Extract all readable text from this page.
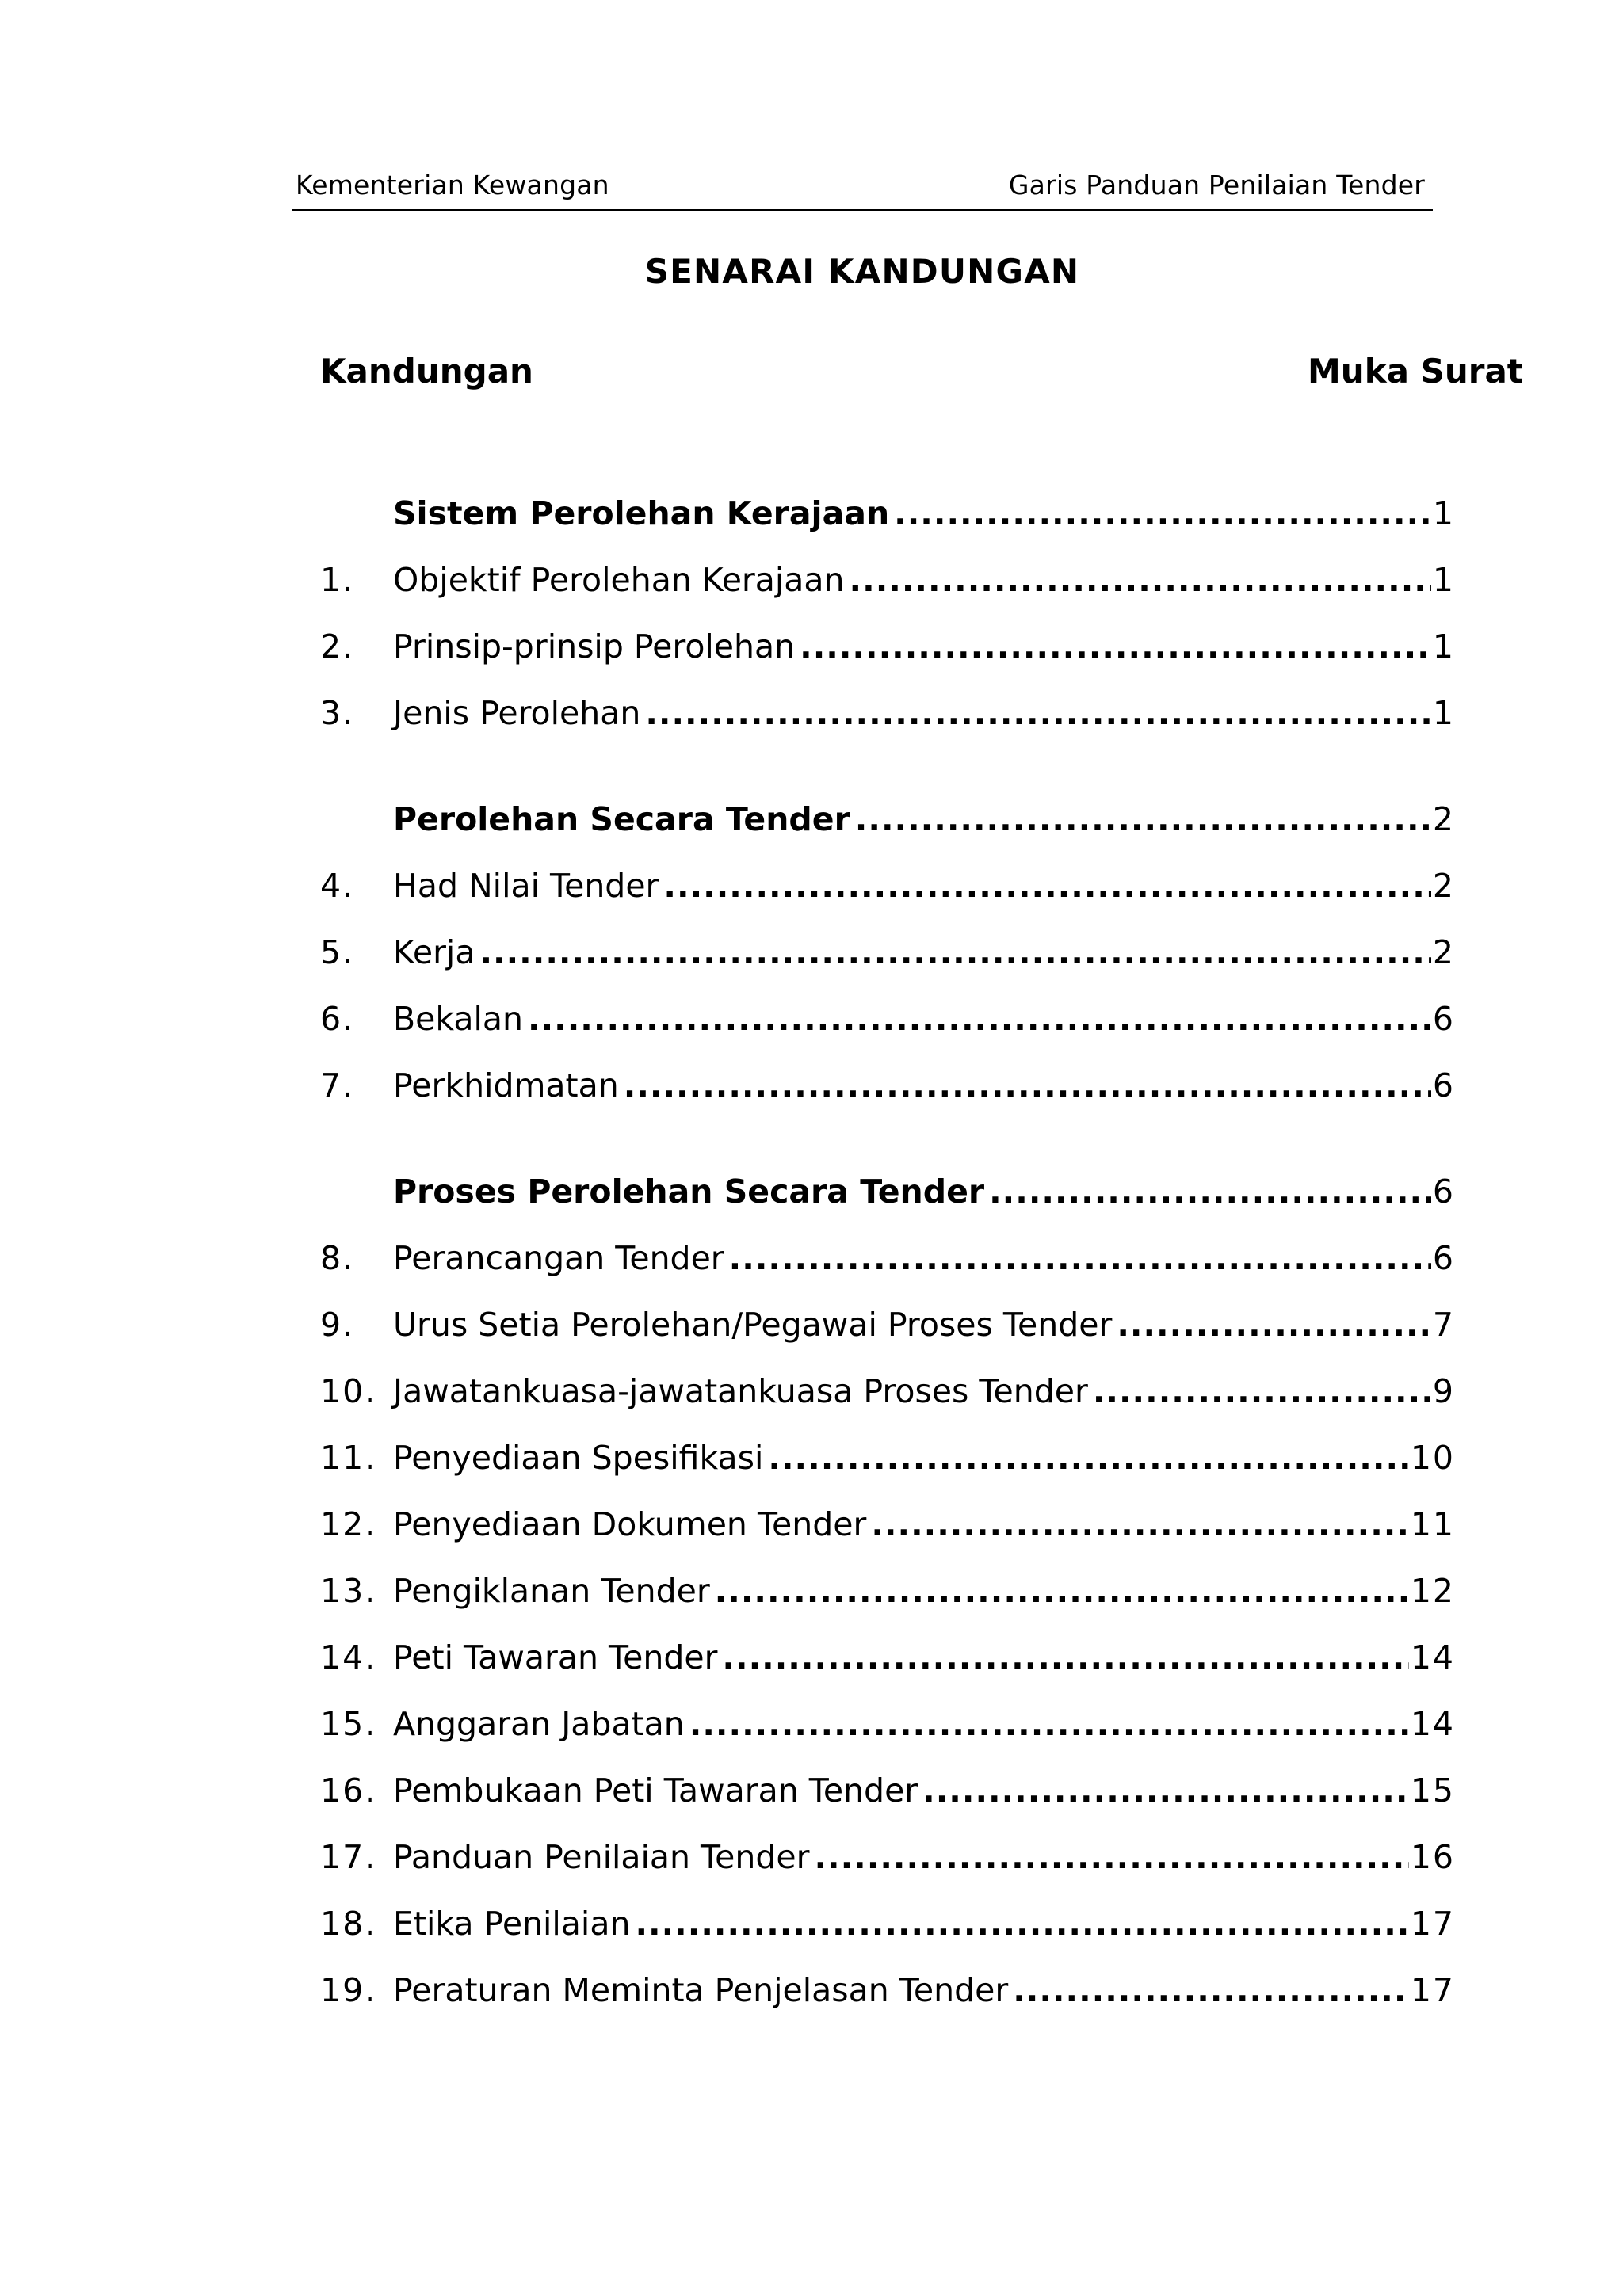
Kementerian Kewangan	Garis Panduan Penilaian Tender
SENARAI KANDUNGAN
Kandungan	Muka Surat
Sistem Perolehan Kerajaan .....	1
1.	Objektif Perolehan Kerajaan .....	1
2.	Prinsip-prinsip Perolehan .....	1
3.	Jenis Perolehan .....	1
Perolehan Secara Tender .....	2
4.	Had Nilai Tender .....	2
5.	Kerja .....	2
6.	Bekalan .....	6
7.	Perkhidmatan .....	6
Proses Perolehan Secara Tender .....	6
8.	Perancangan Tender .....	6
9.	Urus Setia Perolehan/Pegawai Proses Tender .....	7
10. Jawatankuasa-jawatankuasa Proses Tender .....	9
11. Penyediaan Spesifikasi .....	10
12. Penyediaan Dokumen Tender .....	11
13. Pengiklanan Tender .....	12
14. Peti Tawaran Tender .....	14
15. Anggaran Jabatan .....	14
16. Pembukaan Peti Tawaran Tender .....	15
17. Panduan Penilaian Tender .....	16
18. Etika Penilaian .....	17
19. Peraturan Meminta Penjelasan Tender .....	17
